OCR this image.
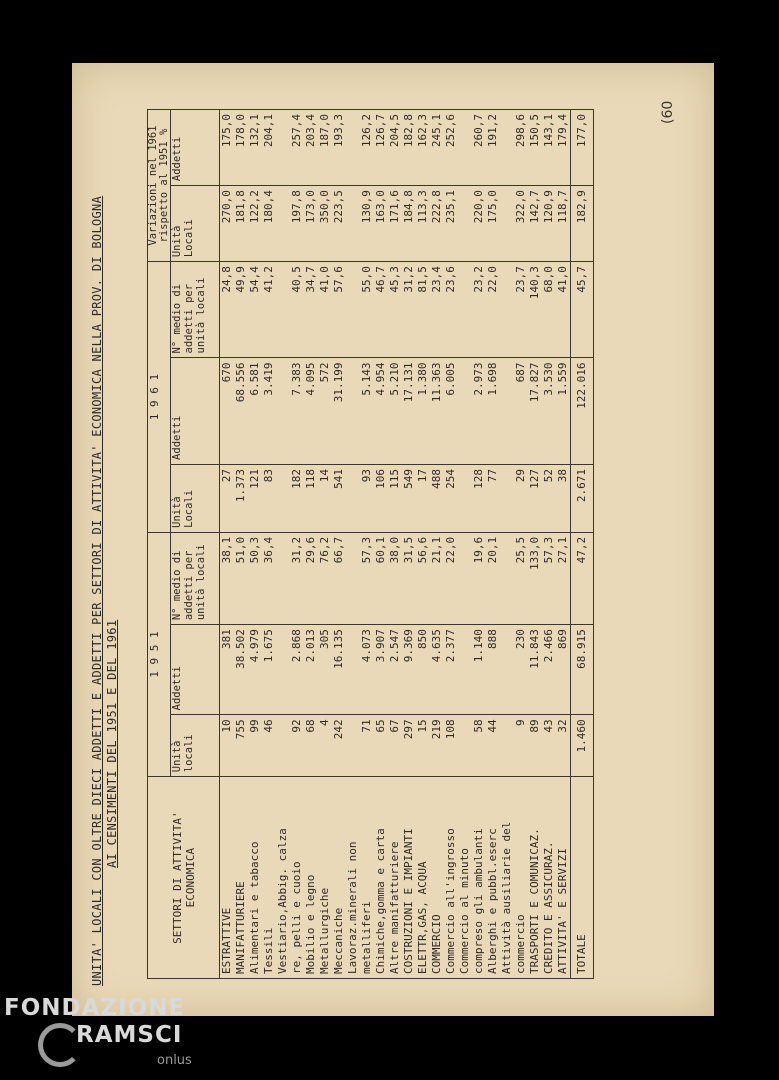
UNITA' LOCALI CON OLTRE DIECI ADDETTI E ADDETTI PER SETTORI DI ATTIVITA' ECONOMICA NELLA PROV. DI BOLOGNA AI CENSIMENTI DEL 1951 E DEL 1961
(60
SETTORI DI ATTIVITA' ECONOMICA	1 9 5 1			1 9 6 1			Variazioni nel 1961 rispetto al 1951 %	
	Unità locali	Addetti	N° medio di addetti per unità locali	Unità Locali	Addetti	N° medio di addetti per unità locali	Unità Locali	Addetti
ESTRATTIVE	10	381	38,1	27	670	24,8	270,0	175,0
MANIFATTURIERE	755	38.502	51,0	1.373	68.556	49,9	181,8	178,0
Alimentari e tabacco	99	4.979	50,3	121	6.581	54,4	122,2	132,1
Tessili	46	1.675	36,4	83	3.419	41,2	180,4	204,1
Vestiario,Abbig. calza								
re, pelli e cuoio	92	2.868	31,2	182	7.383	40,5	197,8	257,4
Mobilio e legno	68	2.013	29,6	118	4.095	34,7	173,0	203,4
Metallurgiche	4	305	76,2	14	572	41,0	350,0	187,0
Meccaniche	242	16.135	66,7	541	31.199	57,6	223,5	193,3
Lavoraz.minerali non								
metalliferi	71	4.073	57,3	93	5.143	55,0	130,9	126,2
Chimiche,gomma e carta	65	3.907	60,1	106	4.954	46,7	163,0	126,7
Altre manifatturiere	67	2.547	38,0	115	5.210	45,3	171,6	204,5
COSTRUZIONI E IMPIANTI	297	9.369	31,5	549	17.131	31,2	184,8	182,8
ELETTR,GAS, ACQUA	15	850	56,6	17	1.380	81,5	113,3	162,3
COMMERCIO	219	4.635	21,1	488	11.363	23,4	222,8	245,1
Commercio all'ingrosso	108	2.377	22,0	254	6.005	23,6	235,1	252,6
Commercio al minuto								
compreso gli ambulanti	58	1.140	19,6	128	2.973	23,2	220,0	260,7
Alberghi e pubbl.eserc	44	888	20,1	77	1.698	22,0	175,0	191,2
Attività ausiliarie del								
commercio	9	230	25,5	29	687	23,7	322,0	298,6
TRASPORTI E COMUNICAZ.	89	11.843	133,0	127	17.827	140,3	142,7	150,5
CREDITO E ASSICURAZ.	43	2.466	57,3	52	3.530	68,0	120,9	143,1
ATTIVITA' E SERVIZI	32	869	27,1	38	1.559	41,0	118,7	179,4
TOTALE	1.460	68.915	47,2	2.671	122.016	45,7	182,9	177,0
FONDAZIONE
RAMSCI
onlus
